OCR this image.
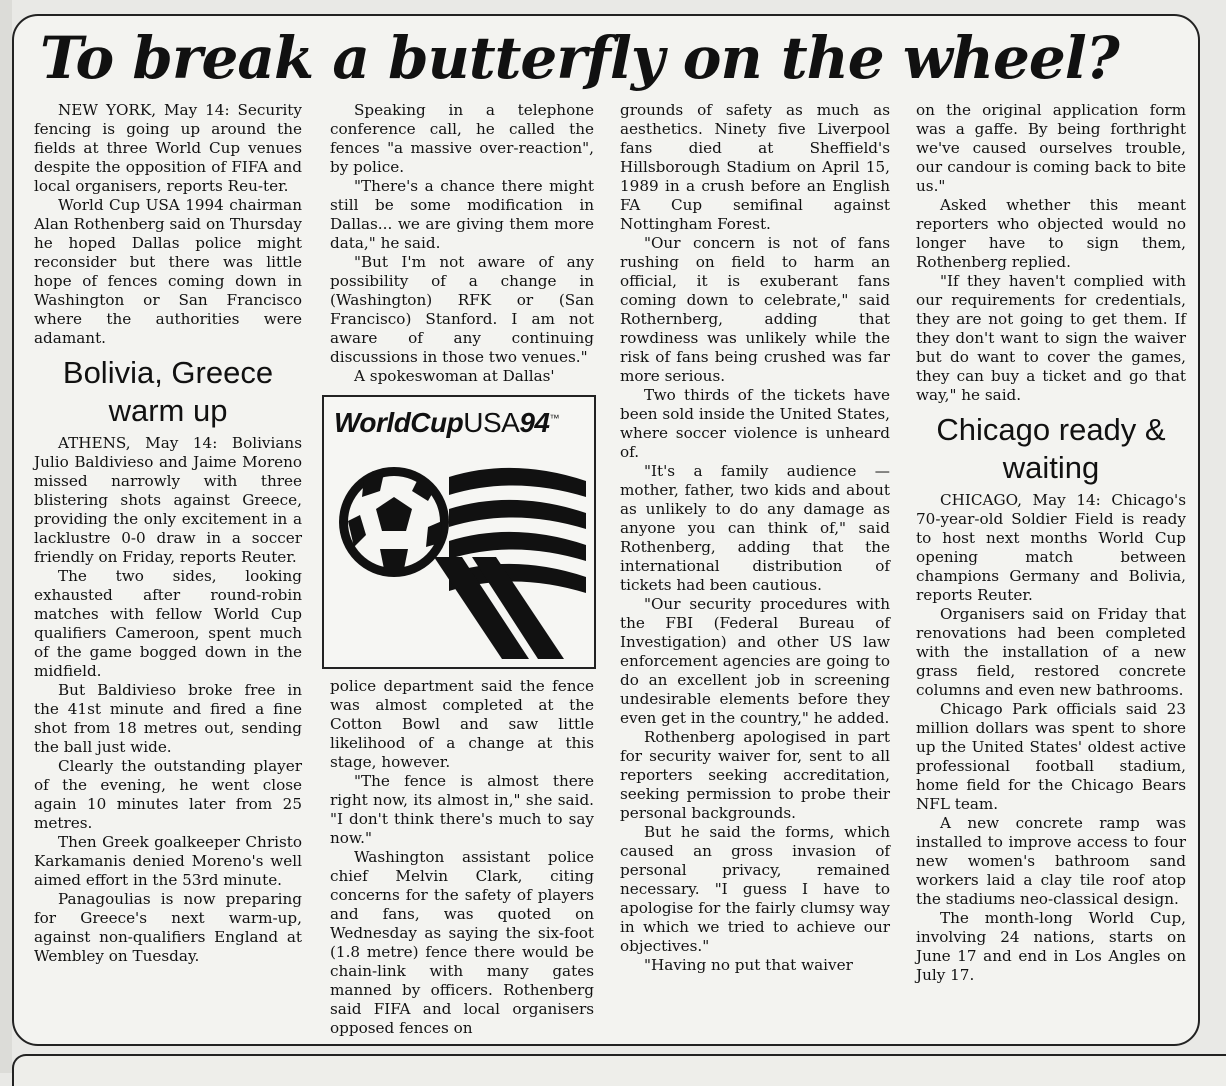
To break a butterfly on the wheel?

NEW YORK, May 14: Security fencing is going up around the fields at three World Cup venues despite the opposition of FIFA and local organisers, reports Reu-ter.

World Cup USA 1994 chairman Alan Rothenberg said on Thursday he hoped Dallas police might reconsider but there was little hope of fences coming down in Washington or San Francisco where the authorities were adamant.

Bolivia, Greece warm up

ATHENS, May 14: Bolivians Julio Baldivieso and Jaime Moreno missed narrowly with three blistering shots against Greece, providing the only excitement in a lacklustre 0-0 draw in a soccer friendly on Friday, reports Reuter.

The two sides, looking exhausted after round-robin matches with fellow World Cup qualifiers Cameroon, spent much of the game bogged down in the midfield.

But Baldivieso broke free in the 41st minute and fired a fine shot from 18 metres out, sending the ball just wide.

Clearly the outstanding player of the evening, he went close again 10 minutes later from 25 metres.

Then Greek goalkeeper Christo Karkamanis denied Moreno's well aimed effort in the 53rd minute.

Panagoulias is now preparing for Greece's next warm-up, against non-qualifiers England at Wembley on Tuesday.

Speaking in a telephone conference call, he called the fences "a massive over-reaction", by police.

"There's a chance there might still be some modification in Dallas... we are giving them more data," he said.

"But I'm not aware of any possibility of a change in (Washington) RFK or (San Francisco) Stanford. I am not aware of any continuing discussions in those two venues."

A spokeswoman at Dallas'

police department said the fence was almost completed at the Cotton Bowl and saw little likelihood of a change at this stage, however.

"The fence is almost there right now, its almost in," she said. "I don't think there's much to say now."

Washington assistant police chief Melvin Clark, citing concerns for the safety of players and fans, was quoted on Wednesday as saying the six-foot (1.8 metre) fence there would be chain-link with many gates manned by officers. Rothenberg said FIFA and local organisers opposed fences on

grounds of safety as much as aesthetics. Ninety five Liverpool fans died at Sheffield's Hillsborough Stadium on April 15, 1989 in a crush before an English FA Cup semifinal against Nottingham Forest.

"Our concern is not of fans rushing on field to harm an official, it is exuberant fans coming down to celebrate," said Rothernberg, adding that rowdiness was unlikely while the risk of fans being crushed was far more serious.

Two thirds of the tickets have been sold inside the United States, where soccer violence is unheard of.

"It's a family audience — mother, father, two kids and about as unlikely to do any damage as anyone you can think of," said Rothenberg, adding that the international distribution of tickets had been cautious.

"Our security procedures with the FBI (Federal Bureau of Investigation) and other US law enforcement agencies are going to do an excellent job in screening undesirable elements before they even get in the country," he added.

Rothenberg apologised in part for security waiver for, sent to all reporters seeking accreditation, seeking permission to probe their personal backgrounds.

But he said the forms, which caused an gross invasion of personal privacy, remained necessary. "I guess I have to apologise for the fairly clumsy way in which we tried to achieve our objectives."

"Having no put that waiver

on the original application form was a gaffe. By being forthright we've caused ourselves trouble, our candour is coming back to bite us."

Asked whether this meant reporters who objected would no longer have to sign them, Rothenberg replied.

"If they haven't complied with our requirements for credentials, they are not going to get them. If they don't want to sign the waiver but do want to cover the games, they can buy a ticket and go that way," he said.

Chicago ready & waiting

CHICAGO, May 14: Chicago's 70-year-old Soldier Field is ready to host next months World Cup opening match between champions Germany and Bolivia, reports Reuter.

Organisers said on Friday that renovations had been completed with the installation of a new grass field, restored concrete columns and even new bathrooms.

Chicago Park officials said 23 million dollars was spent to shore up the United States' oldest active professional football stadium, home field for the Chicago Bears NFL team.

A new concrete ramp was installed to improve access to four new women's bathroom sand workers laid a clay tile roof atop the stadiums neo-classical design.

The month-long World Cup, involving 24 nations, starts on June 17 and end in Los Angles on July 17.

WorldCupUSA94™
